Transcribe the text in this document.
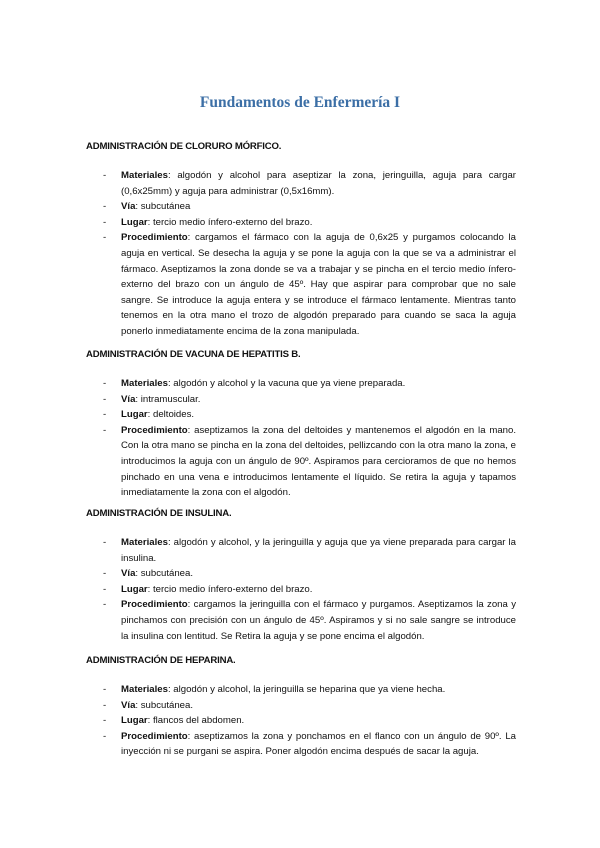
Fundamentos de Enfermería I
ADMINISTRACIÓN DE CLORURO MÓRFICO.
- Materiales: algodón y alcohol para aseptizar la zona, jeringuilla, aguja para cargar (0,6x25mm) y aguja para administrar (0,5x16mm).
- Vía: subcutánea
- Lugar: tercio medio ínfero-externo del brazo.
- Procedimiento: cargamos el fármaco con la aguja de 0,6x25 y purgamos colocando la aguja en vertical. Se desecha la aguja y se pone la aguja con la que se va a administrar el fármaco. Aseptizamos la zona donde se va a trabajar y se pincha en el tercio medio ínfero-externo del brazo con un ángulo de 45º. Hay que aspirar para comprobar que no sale sangre. Se introduce la aguja entera y se introduce el fármaco lentamente. Mientras tanto tenemos en la otra mano el trozo de algodón preparado para cuando se saca la aguja ponerlo inmediatamente encima de la zona manipulada.
ADMINISTRACIÓN DE VACUNA DE HEPATITIS B.
- Materiales: algodón y alcohol y la vacuna que ya viene preparada.
- Vía: intramuscular.
- Lugar: deltoides.
- Procedimiento: aseptizamos la zona del deltoides y mantenemos el algodón en la mano. Con la otra mano se pincha en la zona del deltoides, pellizcando con la otra mano la zona, e introducimos la aguja con un ángulo de 90º. Aspiramos para cercioramos de que no hemos pinchado en una vena e introducimos lentamente el líquido. Se retira la aguja y tapamos inmediatamente la zona con el algodón.
ADMINISTRACIÓN DE INSULINA.
- Materiales: algodón y alcohol, y la jeringuilla y aguja que ya viene preparada para cargar la insulina.
- Vía: subcutánea.
- Lugar: tercio medio ínfero-externo del brazo.
- Procedimiento: cargamos la jeringuilla con el fármaco y purgamos. Aseptizamos la zona y pinchamos con precisión con un ángulo de 45º. Aspiramos y si no sale sangre se introduce la insulina con lentitud. Se Retira la aguja y se pone encima el algodón.
ADMINISTRACIÓN DE HEPARINA.
- Materiales: algodón y alcohol, la jeringuilla se heparina que ya viene hecha.
- Vía: subcutánea.
- Lugar: flancos del abdomen.
- Procedimiento: aseptizamos la zona y ponchamos en el flanco con un ángulo de 90º. La inyección ni se purgani se aspira. Poner algodón encima después de sacar la aguja.
